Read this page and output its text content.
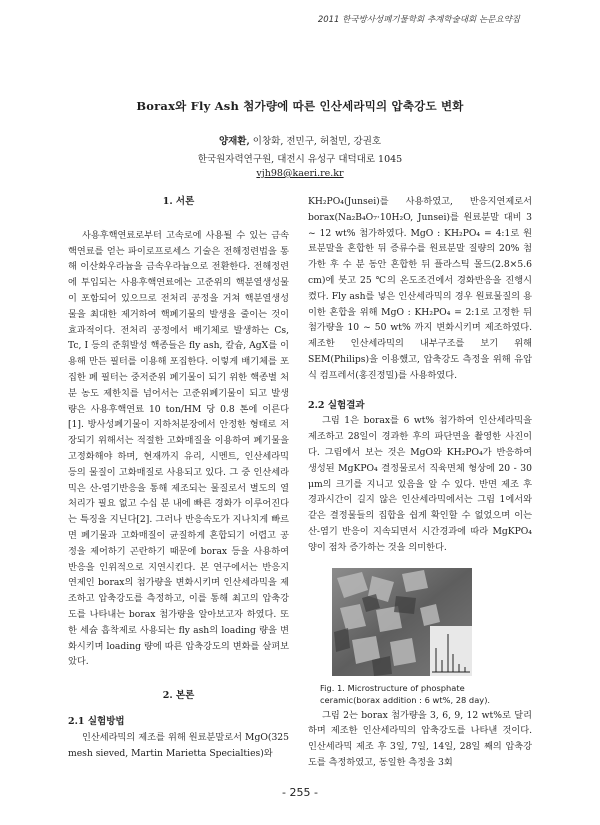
2011 한국방사성폐기물학회 추계학술대회 논문요약집
Borax와 Fly Ash 첨가량에 따른 인산세라믹의 압축강도 변화
양재환, 이창화, 전민구, 허철민, 강권호
한국원자력연구원, 대전시 유성구 대덕대로 1045
vjh98@kaeri.re.kr

1. 서론

사용후핵연료로부터 고속로에 사용될 수 있는 금속핵연료를 얻는 파이로프로세스 기술은 전해정련법을 통해 이산화우라늄을 금속우라늄으로 전환한다. 전해정련에 투입되는 사용후핵연료에는 고준위의 핵분열생성물이 포함되어 있으므로 전처리 공정을 거쳐 핵분열생성물을 최대한 제거하여 핵폐기물의 발생을 줄이는 것이 효과적이다. 전처리 공정에서 배기체로 발생하는 Cs, Tc, I 등의 준휘발성 핵종들은 fly ash, 칼슘, AgX를 이용해 만든 필터를 이용해 포집한다. 이렇게 배기체를 포집한 폐 필터는 중저준위 폐기물이 되기 위한 핵종별 처분 농도 제한치를 넘어서는 고준위폐기물이 되고 발생량은 사용후핵연료 10 ton/HM 당 0.8 톤에 이른다[1]. 방사성폐기물이 지하처분장에서 안정한 형태로 저장되기 위해서는 적절한 고화매질을 이용하여 폐기물을 고정화해야 하며, 현재까지 유리, 시멘트, 인산세라믹 등의 물질이 고화매질로 사용되고 있다. 그 중 인산세라믹은 산-염기반응을 통해 제조되는 물질로서 별도의 열처리가 필요 없고 수십 분 내에 빠른 경화가 이루어진다는 특징을 지닌다[2]. 그러나 반응속도가 지나치게 빠르면 폐기물과 고화매질이 균질하게 혼합되기 어렵고 공정을 제어하기 곤란하기 때문에 borax 등을 사용하여 반응을 인위적으로 지연시킨다. 본 연구에서는 반응지연제인 borax의 첨가량을 변화시키며 인산세라믹을 제조하고 압축강도를 측정하고, 이를 통해 최고의 압축강도를 나타내는 borax 첨가량을 알아보고자 하였다. 또한 세슘 흡착제로 사용되는 fly ash의 loading 량을 변화시키며 loading 량에 따른 압축강도의 변화를 살펴보았다.

2. 본론

2.1 실험방법

인산세라믹의 제조를 위해 원료분말로서 MgO(325 mesh sieved, Martin Marietta Specialties)와

KH₂PO₄(Junsei)를 사용하였고, 반응지연제로서 borax(Na₂B₄O₇·10H₂O, Junsei)를 원료분말 대비 3 ~ 12 wt% 첨가하였다. MgO : KH₂PO₄ = 4:1로 원료분말을 혼합한 뒤 증류수를 원료분말 질량의 20% 첨가한 후 수 분 동안 혼합한 뒤 플라스틱 몰드(2.8×5.6 cm)에 붓고 25 ℃의 온도조건에서 경화반응을 진행시켰다. Fly ash를 넣은 인산세라믹의 경우 원료물질의 용이한 혼합을 위해 MgO : KH₂PO₄ = 2:1로 고정한 뒤 첨가량을 10 ~ 50 wt% 까지 변화시키며 제조하였다. 제조한 인산세라믹의 내부구조를 보기 위해 SEM(Philips)을 이용했고, 압축강도 측정을 위해 유압식 컴프레서(홍진정밀)를 사용하였다.

2.2 실험결과

그림 1은 borax를 6 wt% 첨가하여 인산세라믹을 제조하고 28일이 경과한 후의 파단면을 촬영한 사진이다. 그림에서 보는 것은 MgO와 KH₂PO₄가 반응하여 생성된 MgKPO₄ 결정물로서 직육면체 형상에 20 - 30 μm의 크기를 지니고 있음을 알 수 있다. 반면 제조 후 경과시간이 길지 않은 인산세라믹에서는 그림 1에서와 같은 결정물들의 집합을 쉽게 확인할 수 없었으며 이는 산-염기 반응이 지속되면서 시간경과에 따라 MgKPO₄ 양이 점차 증가하는 것을 의미한다.

그림 2는 borax 첨가량을 3, 6, 9, 12 wt%로 달리하며 제조한 인산세라믹의 압축강도를 나타낸 것이다. 인산세라믹 제조 후 3일, 7일, 14일, 28일 째의 압축강도를 측정하였고, 동일한 측정을 3회

Fig. 1. Microstructure of phosphate ceramic(borax addition : 6 wt%, 28 day).
- 255 -
